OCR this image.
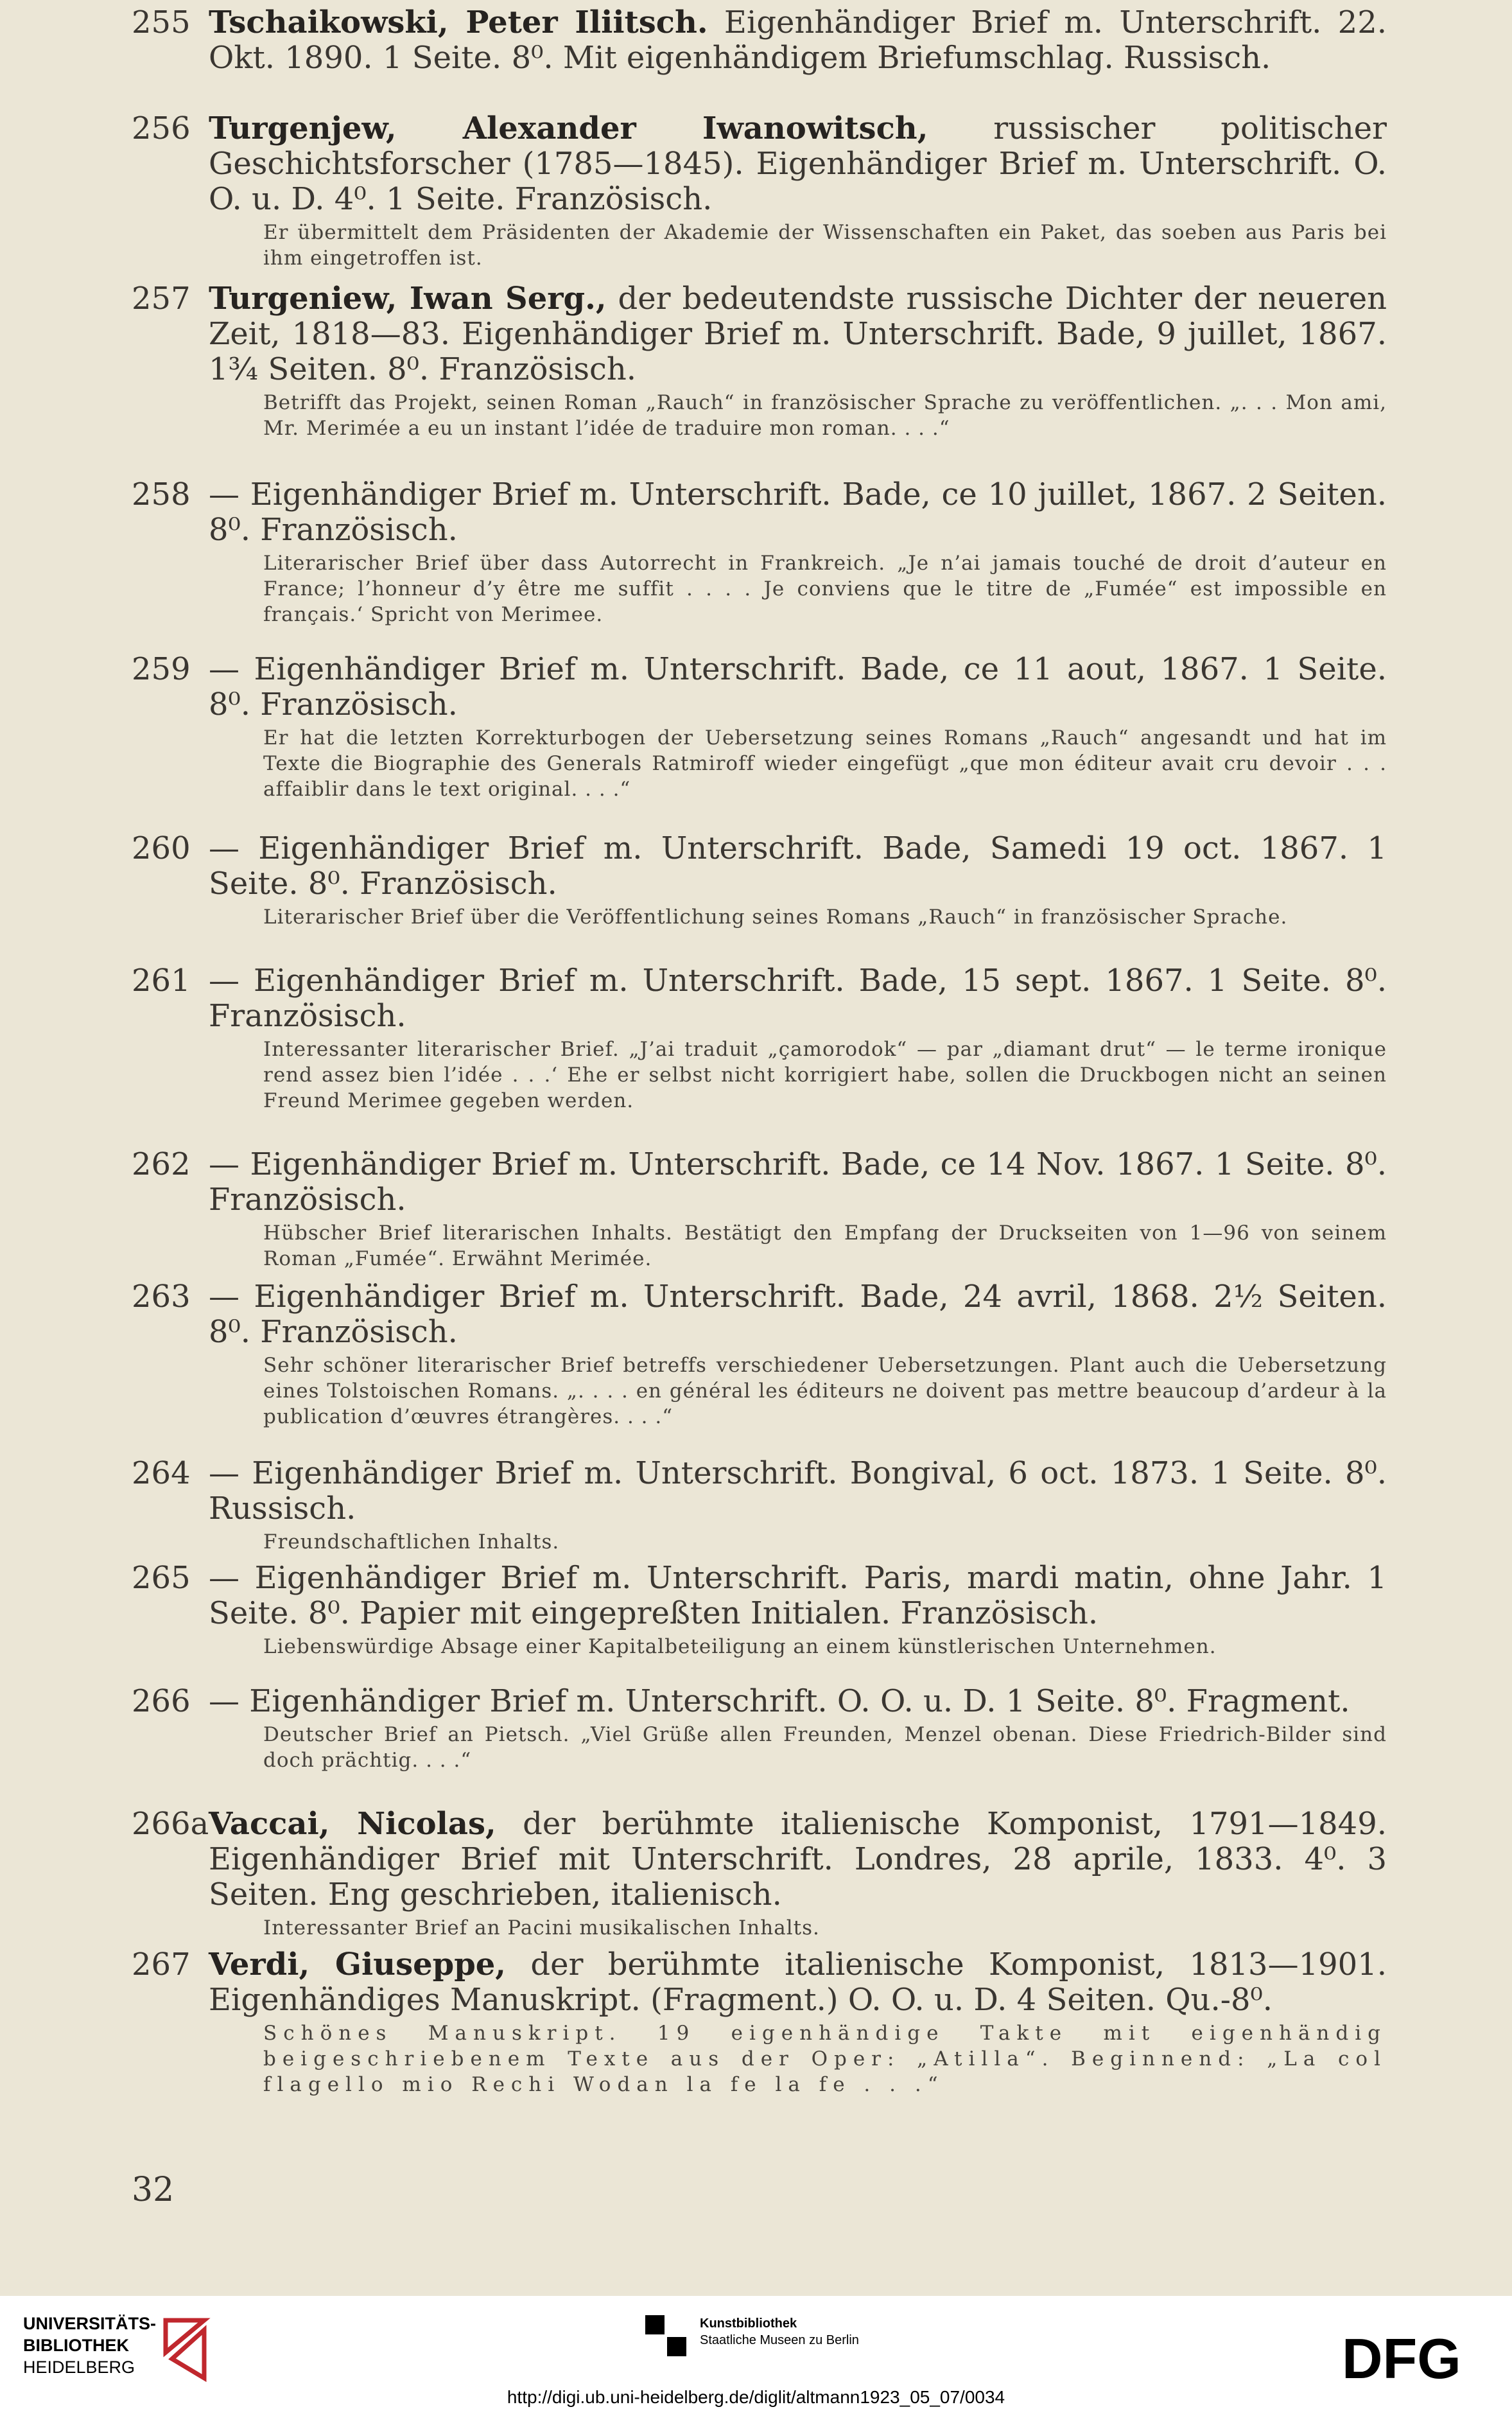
255 Tschaikowski, Peter Iliitsch. Eigenhändiger Brief m. Unterschrift. 22. Okt. 1890. 1 Seite. 8⁰. Mit eigenhändigem Briefumschlag. Russisch.
256 Turgenjew, Alexander Iwanowitsch, russischer politischer Geschichtsforscher (1785—1845). Eigenhändiger Brief m. Unterschrift. O. O. u. D. 4⁰. 1 Seite. Französisch.
Er übermittelt dem Präsidenten der Akademie der Wissenschaften ein Paket, das soeben aus Paris bei ihm eingetroffen ist.
257 Turgeniew, Iwan Serg., der bedeutendste russische Dichter der neueren Zeit, 1818—83. Eigenhändiger Brief m. Unterschrift. Bade, 9 juillet, 1867. 1¾ Seiten. 8⁰. Französisch.
Betrifft das Projekt, seinen Roman „Rauch“ in französischer Sprache zu veröffentlichen. „. . . Mon ami, Mr. Merimée a eu un instant l’idée de traduire mon roman. . . .“
258 — Eigenhändiger Brief m. Unterschrift. Bade, ce 10 juillet, 1867. 2 Seiten. 8⁰. Französisch.
Literarischer Brief über dass Autorrecht in Frankreich. „Je n’ai jamais touché de droit d’auteur en France; l’honneur d’y être me suffit . . . . Je conviens que le titre de „Fumée“ est impossible en français.‘ Spricht von Merimee.
259 — Eigenhändiger Brief m. Unterschrift. Bade, ce 11 aout, 1867. 1 Seite. 8⁰. Französisch.
Er hat die letzten Korrekturbogen der Uebersetzung seines Romans „Rauch“ angesandt und hat im Texte die Biographie des Generals Ratmiroff wieder eingefügt „que mon éditeur avait cru devoir . . . affaiblir dans le text original. . . .“
260 — Eigenhändiger Brief m. Unterschrift. Bade, Samedi 19 oct. 1867. 1 Seite. 8⁰. Französisch.
Literarischer Brief über die Veröffentlichung seines Romans „Rauch“ in französischer Sprache.
261 — Eigenhändiger Brief m. Unterschrift. Bade, 15 sept. 1867. 1 Seite. 8⁰. Französisch.
Interessanter literarischer Brief. „J’ai traduit „çamorodok“ — par „diamant drut“ — le terme ironique rend assez bien l’idée . . .‘ Ehe er selbst nicht korrigiert habe, sollen die Druckbogen nicht an seinen Freund Merimee gegeben werden.
262 — Eigenhändiger Brief m. Unterschrift. Bade, ce 14 Nov. 1867. 1 Seite. 8⁰. Französisch.
Hübscher Brief literarischen Inhalts. Bestätigt den Empfang der Druckseiten von 1—96 von seinem Roman „Fumée“. Erwähnt Merimée.
263 — Eigenhändiger Brief m. Unterschrift. Bade, 24 avril, 1868. 2½ Seiten. 8⁰. Französisch.
Sehr schöner literarischer Brief betreffs verschiedener Uebersetzungen. Plant auch die Uebersetzung eines Tolstoischen Romans. „. . . . en général les éditeurs ne doivent pas mettre beaucoup d’ardeur à la publication d’œuvres étrangères. . . .“
264 — Eigenhändiger Brief m. Unterschrift. Bongival, 6 oct. 1873. 1 Seite. 8⁰. Russisch.
Freundschaftlichen Inhalts.
265 — Eigenhändiger Brief m. Unterschrift. Paris, mardi matin, ohne Jahr. 1 Seite. 8⁰. Papier mit eingepreßten Initialen. Französisch.
Liebenswürdige Absage einer Kapitalbeteiligung an einem künstlerischen Unternehmen.
266 — Eigenhändiger Brief m. Unterschrift. O. O. u. D. 1 Seite. 8⁰. Fragment.
Deutscher Brief an Pietsch. „Viel Grüße allen Freunden, Menzel obenan. Diese Friedrich-Bilder sind doch prächtig. . . .“
266a Vaccai, Nicolas, der berühmte italienische Komponist, 1791—1849. Eigenhändiger Brief mit Unterschrift. Londres, 28 aprile, 1833. 4⁰. 3 Seiten. Eng geschrieben, italienisch.
Interessanter Brief an Pacini musikalischen Inhalts.
267 Verdi, Giuseppe, der berühmte italienische Komponist, 1813—1901. Eigenhändiges Manuskript. (Fragment.) O. O. u. D. 4 Seiten. Qu.-8⁰.
Schönes Manuskript. 19 eigenhändige Takte mit eigenhändig beigeschriebenem Texte aus der Oper: „Atilla“. Beginnend: „La col flagello mio Rechi Wodan la fe la fe . . .“
32
UNIVERSITÄTS-
BIBLIOTHEK
HEIDELBERG
Kunstbibliothek
Staatliche Museen zu Berlin	DFG
http://digi.ub.uni-heidelberg.de/diglit/altmann1923_05_07/0034
